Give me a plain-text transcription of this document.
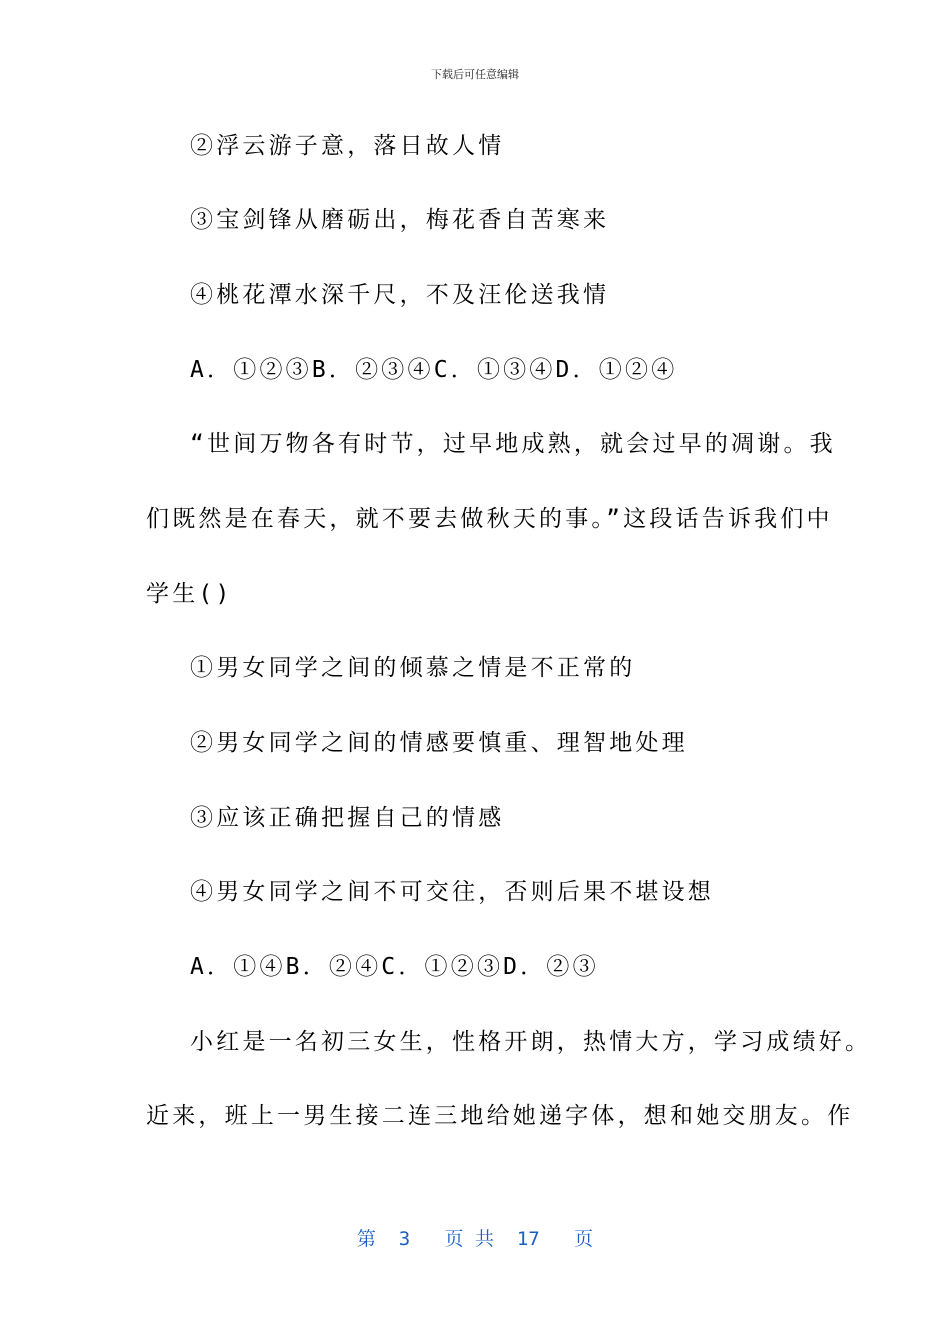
下载后可任意编辑
②浮云游子意，落日故人情
③宝剑锋从磨砺出，梅花香自苦寒来
④桃花潭水深千尺，不及汪伦送我情
A．①②③B．②③④C．①③④D．①②④
“世间万物各有时节，过早地成熟，就会过早的凋谢。我
们既然是在春天，就不要去做秋天的事。”这段话告诉我们中
学生()
①男女同学之间的倾慕之情是不正常的
②男女同学之间的情感要慎重、理智地处理
③应该正确把握自己的情感
④男女同学之间不可交往，否则后果不堪设想
A．①④B．②④C．①②③D．②③
小红是一名初三女生，性格开朗，热情大方，学习成绩好。
近来，班上一男生接二连三地给她递字体，想和她交朋友。作
第  3   页 共  17   页
